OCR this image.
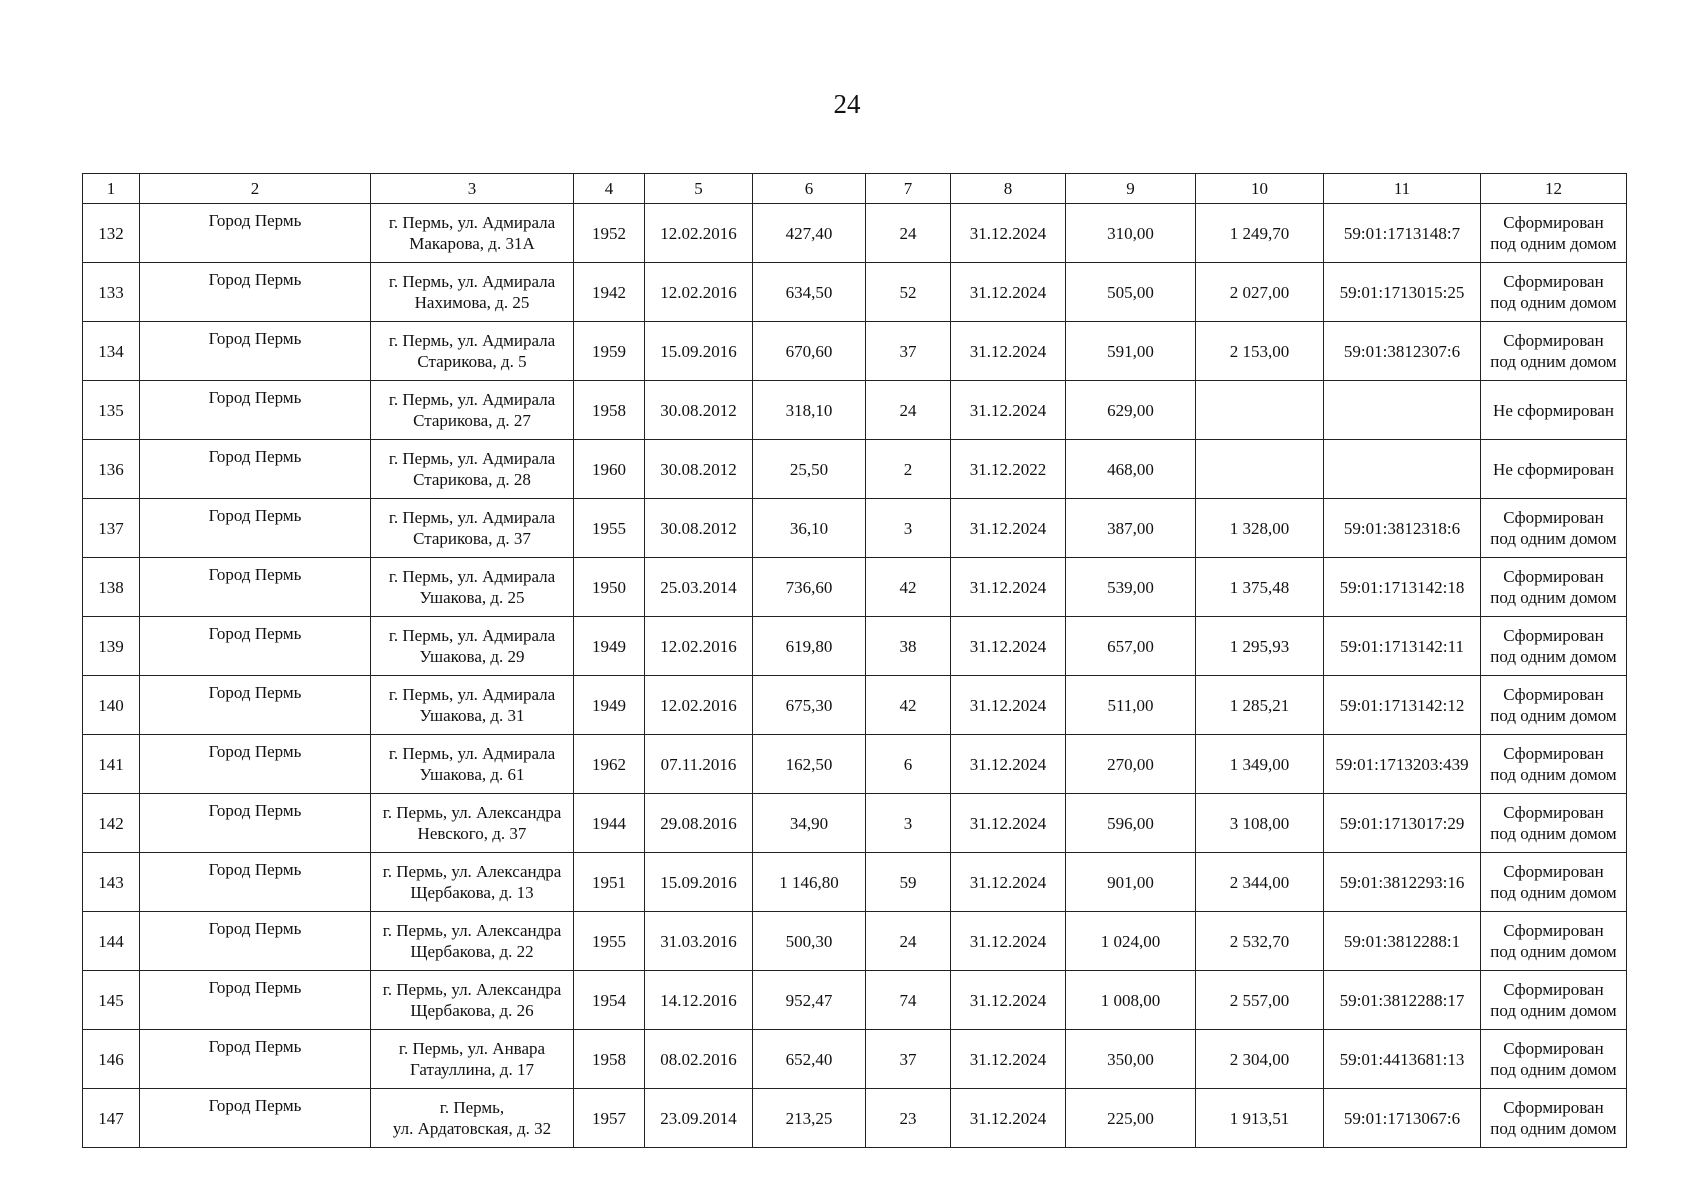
24
1	2	3	4	5	6	7	8	9	10	11	12
132	Город Пермь	г. Пермь, ул. Адмирала
Макарова, д. 31А	1952	12.02.2016	427,40	24	31.12.2024	310,00	1 249,70	59:01:1713148:7	Сформирован
под одним домом
133	Город Пермь	г. Пермь, ул. Адмирала
Нахимова, д. 25	1942	12.02.2016	634,50	52	31.12.2024	505,00	2 027,00	59:01:1713015:25	Сформирован
под одним домом
134	Город Пермь	г. Пермь, ул. Адмирала
Старикова, д. 5	1959	15.09.2016	670,60	37	31.12.2024	591,00	2 153,00	59:01:3812307:6	Сформирован
под одним домом
135	Город Пермь	г. Пермь, ул. Адмирала
Старикова, д. 27	1958	30.08.2012	318,10	24	31.12.2024	629,00			Не сформирован
136	Город Пермь	г. Пермь, ул. Адмирала
Старикова, д. 28	1960	30.08.2012	25,50	2	31.12.2022	468,00			Не сформирован
137	Город Пермь	г. Пермь, ул. Адмирала
Старикова, д. 37	1955	30.08.2012	36,10	3	31.12.2024	387,00	1 328,00	59:01:3812318:6	Сформирован
под одним домом
138	Город Пермь	г. Пермь, ул. Адмирала
Ушакова, д. 25	1950	25.03.2014	736,60	42	31.12.2024	539,00	1 375,48	59:01:1713142:18	Сформирован
под одним домом
139	Город Пермь	г. Пермь, ул. Адмирала
Ушакова, д. 29	1949	12.02.2016	619,80	38	31.12.2024	657,00	1 295,93	59:01:1713142:11	Сформирован
под одним домом
140	Город Пермь	г. Пермь, ул. Адмирала
Ушакова, д. 31	1949	12.02.2016	675,30	42	31.12.2024	511,00	1 285,21	59:01:1713142:12	Сформирован
под одним домом
141	Город Пермь	г. Пермь, ул. Адмирала
Ушакова, д. 61	1962	07.11.2016	162,50	6	31.12.2024	270,00	1 349,00	59:01:1713203:439	Сформирован
под одним домом
142	Город Пермь	г. Пермь, ул. Александра
Невского, д. 37	1944	29.08.2016	34,90	3	31.12.2024	596,00	3 108,00	59:01:1713017:29	Сформирован
под одним домом
143	Город Пермь	г. Пермь, ул. Александра
Щербакова, д. 13	1951	15.09.2016	1 146,80	59	31.12.2024	901,00	2 344,00	59:01:3812293:16	Сформирован
под одним домом
144	Город Пермь	г. Пермь, ул. Александра
Щербакова, д. 22	1955	31.03.2016	500,30	24	31.12.2024	1 024,00	2 532,70	59:01:3812288:1	Сформирован
под одним домом
145	Город Пермь	г. Пермь, ул. Александра
Щербакова, д. 26	1954	14.12.2016	952,47	74	31.12.2024	1 008,00	2 557,00	59:01:3812288:17	Сформирован
под одним домом
146	Город Пермь	г. Пермь, ул. Анвара
Гатауллина, д. 17	1958	08.02.2016	652,40	37	31.12.2024	350,00	2 304,00	59:01:4413681:13	Сформирован
под одним домом
147	Город Пермь	г. Пермь,
ул. Ардатовская, д. 32	1957	23.09.2014	213,25	23	31.12.2024	225,00	1 913,51	59:01:1713067:6	Сформирован
под одним домом
